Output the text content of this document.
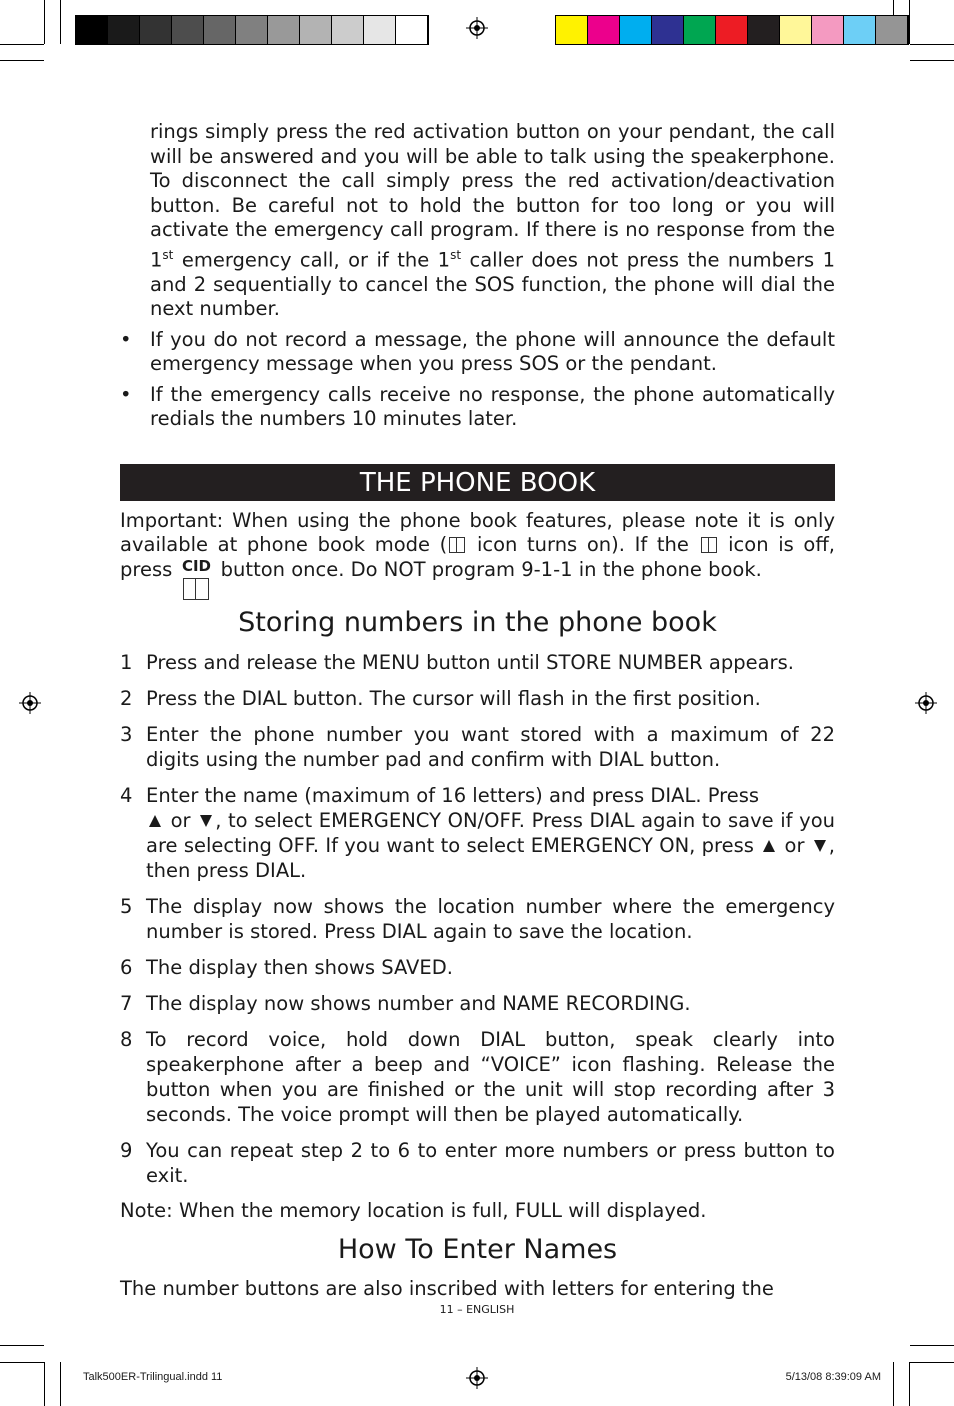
rings simply press the red activation button on your pendant, the call will be answered and you will be able to talk using the speakerphone. To disconnect the call simply press the red activation/deactivation button. Be careful not to hold the button for too long or you will activate the emergency call program. If there is no response from the 1st emergency call, or if the 1st caller does not press the numbers 1 and 2 sequentially to cancel the SOS function, the phone will dial the next number.

• If you do not record a message, the phone will announce the default emergency message when you press SOS or the pendant.

• If the emergency calls receive no response, the phone automatically redials the numbers 10 minutes later.

THE PHONE BOOK

Important: When using the phone book features, please note it is only available at phone book mode ( icon turns on). If the  icon is off, press CID
button once. Do NOT program 9-1-1 in the phone book.

Storing numbers in the phone book

1 Press and release the MENU button until STORE NUMBER appears.

2 Press the DIAL button. The cursor will flash in the first position.

3 Enter the phone number you want stored with a maximum of 22 digits using the number pad and confirm with DIAL button.

4 Enter the name (maximum of 16 letters) and press DIAL. Press
or , to select EMERGENCY ON/OFF. Press DIAL again to save if you are selecting OFF. If you want to select EMERGENCY ON, press  or , then press DIAL.

5 The display now shows the location number where the emergency number is stored. Press DIAL again to save the location.

6 The display then shows SAVED.

7 The display now shows number and NAME RECORDING.

8 To record voice, hold down DIAL button, speak clearly into speakerphone after a beep and “VOICE” icon flashing. Release the button when you are finished or the unit will stop recording after 3 seconds. The voice prompt will then be played automatically.

9 You can repeat step 2 to 6 to enter more numbers or press button to exit.

Note: When the memory location is full, FULL will displayed.

How To Enter Names

The number buttons are also inscribed with letters for entering the

11 – ENGLISH
Talk500ER-Trilingual.indd 11	5/13/08 8:39:09 AM
